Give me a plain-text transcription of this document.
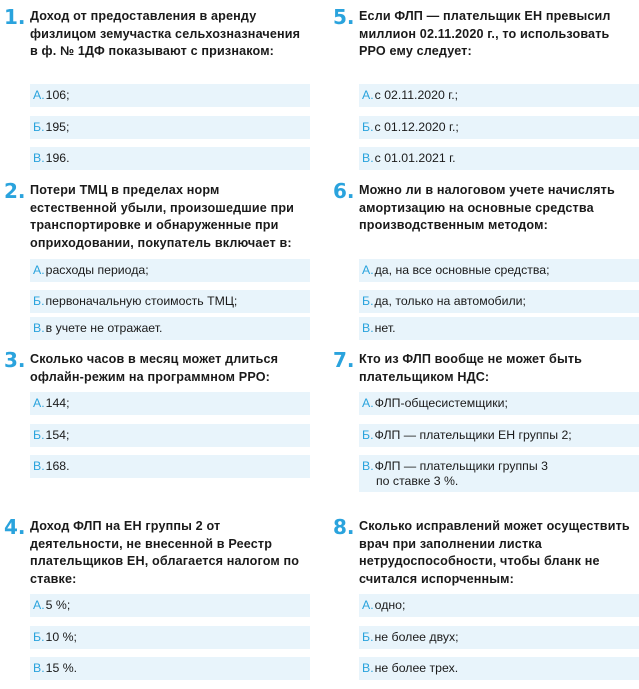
1. Доход от предоставления в аренду физлицом земучастка сельхозназначения в ф. № 1ДФ показывают с признаком:
А.106;
Б.195;
В.196.
2. Потери ТМЦ в пределах норм естественной убыли, произошедшие при транспортировке и обнаруженные при оприходовании, покупатель включает в:
А.расходы периода;
Б.первоначальную стоимость ТМЦ;
В.в учете не отражает.
3. Сколько часов в месяц может длиться офлайн-режим на программном РРО:
А.144;
Б.154;
В.168.
4. Доход ФЛП на ЕН группы 2 от деятельности, не внесенной в Реестр плательщиков ЕН, облагается налогом по ставке:
А.5 %;
Б.10 %;
В.15 %.
5. Если ФЛП — плательщик ЕН превысил миллион 02.11.2020 г., то использовать РРО ему следует:
А.с 02.11.2020 г.;
Б.с 01.12.2020 г.;
В.с 01.01.2021 г.
6. Можно ли в налоговом учете начислять амортизацию на основные средства производственным методом:
А.да, на все основные средства;
Б.да, только на автомобили;
В.нет.
7. Кто из ФЛП вообще не может быть плательщиком НДС:
А.ФЛП-общесистемщики;
Б.ФЛП — плательщики ЕН группы 2;
В.ФЛП — плательщики группы 3
по ставке 3 %.
8. Сколько исправлений может осуществить врач при заполнении листка нетрудоспособности, чтобы бланк не считался испорченным:
А.одно;
Б.не более двух;
В.не более трех.
